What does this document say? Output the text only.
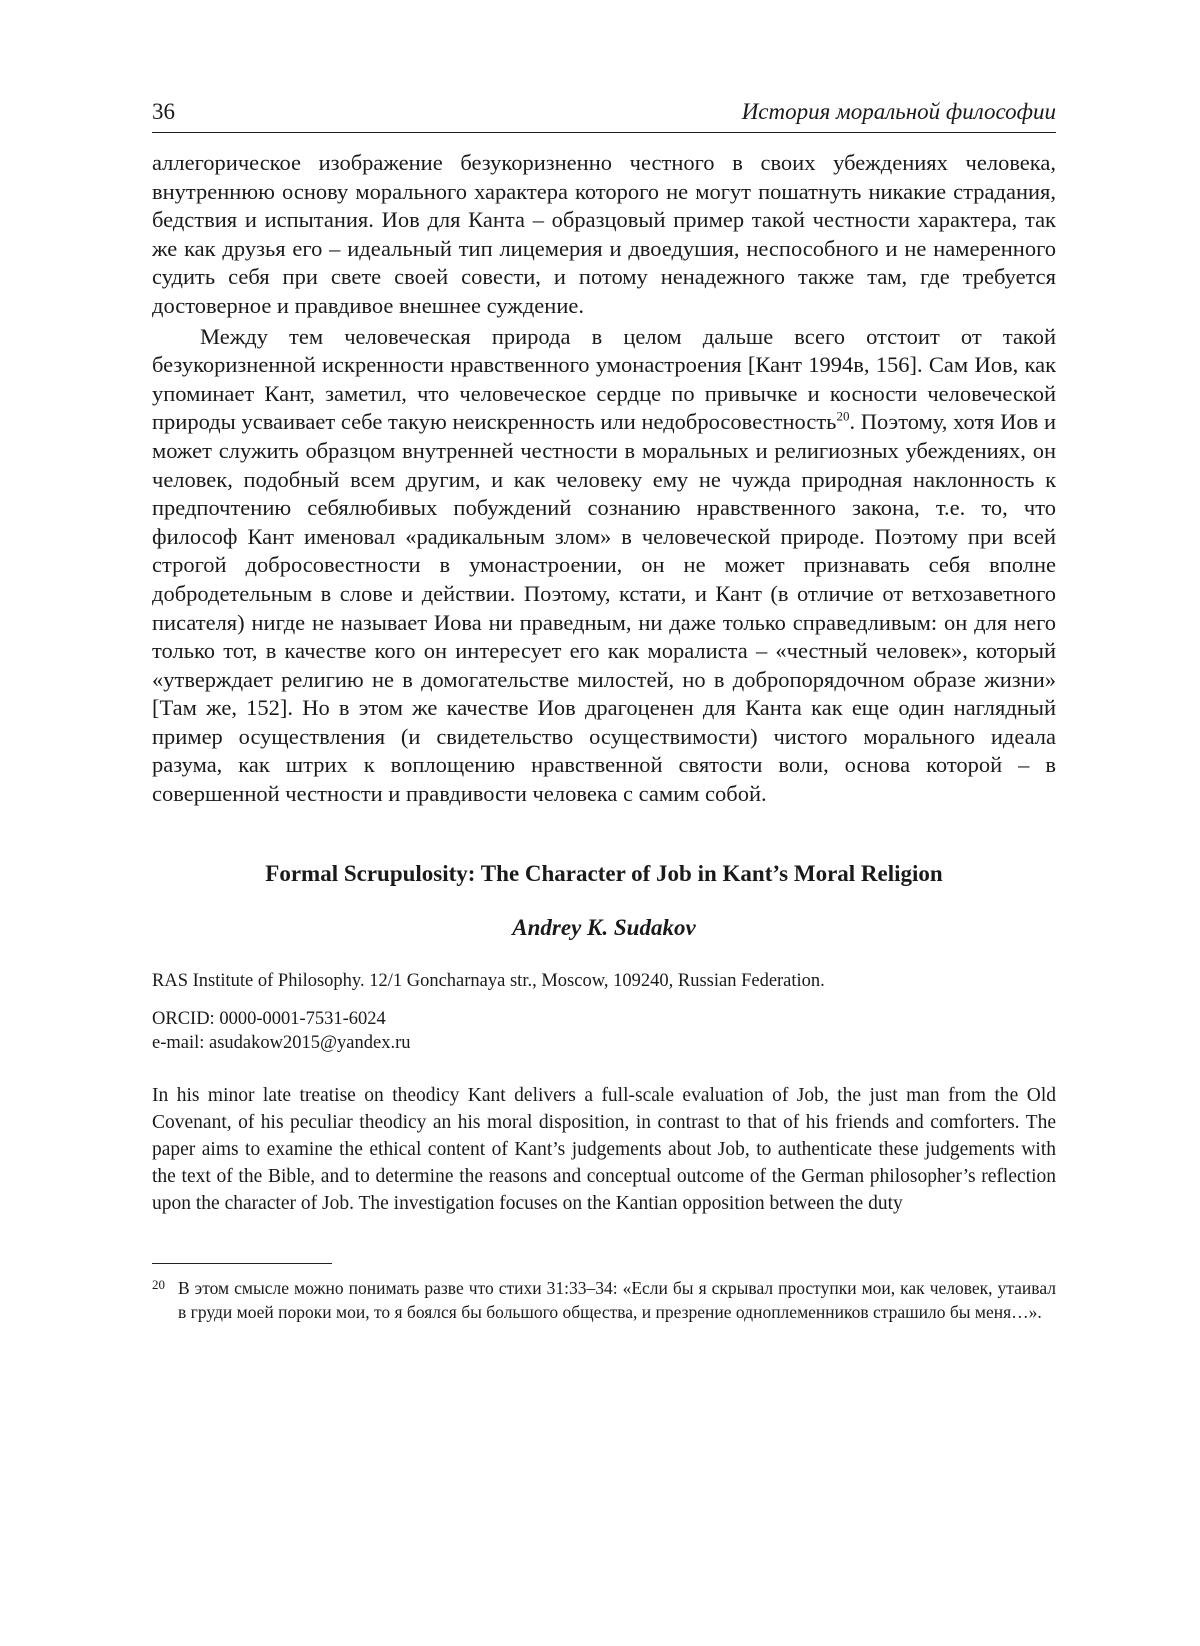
36	История моральной философии

аллегорическое изображение безукоризненно честного в своих убеждениях человека, внутреннюю основу морального характера которого не могут пошатнуть никакие страдания, бедствия и испытания. Иов для Канта – образцовый пример такой честности характера, так же как друзья его – идеальный тип лицемерия и двоедушия, неспособного и не намеренного судить себя при свете своей совести, и потому ненадежного также там, где требуется достоверное и правдивое внешнее суждение.

Между тем человеческая природа в целом дальше всего отстоит от такой безукоризненной искренности нравственного умонастроения [Кант 1994в, 156]. Сам Иов, как упоминает Кант, заметил, что человеческое сердце по привычке и косности человеческой природы усваивает себе такую неискренность или недобросовестность$^{20}$. Поэтому, хотя Иов и может служить образцом внутренней честности в моральных и религиозных убеждениях, он человек, подобный всем другим, и как человеку ему не чужда природная наклонность к предпочтению себялюбивых побуждений сознанию нравственного закона, т.е. то, что философ Кант именовал «радикальным злом» в человеческой природе. Поэтому при всей строгой добросовестности в умонастроении, он не может признавать себя вполне добродетельным в слове и действии. Поэтому, кстати, и Кант (в отличие от ветхозаветного писателя) нигде не называет Иова ни праведным, ни даже только справедливым: он для него только тот, в качестве кого он интересует его как моралиста – «честный человек», который «утверждает религию не в домогательстве милостей, но в добропорядочном образе жизни» [Там же, 152]. Но в этом же качестве Иов драгоценен для Канта как еще один наглядный пример осуществления (и свидетельство осуществимости) чистого морального идеала разума, как штрих к воплощению нравственной святости воли, основа которой – в совершенной честности и правдивости человека с самим собой.

Formal Scrupulosity: The Character of Job in Kant’s Moral Religion
Andrey K. Sudakov
RAS Institute of Philosophy. 12/1 Goncharnaya str., Moscow, 109240, Russian Federation.
ORCID: 0000-0001-7531-6024
e-mail: asudakow2015@yandex.ru
In his minor late treatise on theodicy Kant delivers a full-scale evaluation of Job, the just man from the Old Covenant, of his peculiar theodicy an his moral disposition, in contrast to that of his friends and comforters. The paper aims to examine the ethical content of Kant’s judgements about Job, to authenticate these judgements with the text of the Bible, and to determine the reasons and conceptual outcome of the German philosopher’s reflection upon the character of Job. The investigation focuses on the Kantian opposition between the duty
20 В этом смысле можно понимать разве что стихи 31:33–34: «Если бы я скрывал проступки мои, как человек, утаивал в груди моей пороки мои, то я боялся бы большого общества, и презрение одноплеменников страшило бы меня…».
